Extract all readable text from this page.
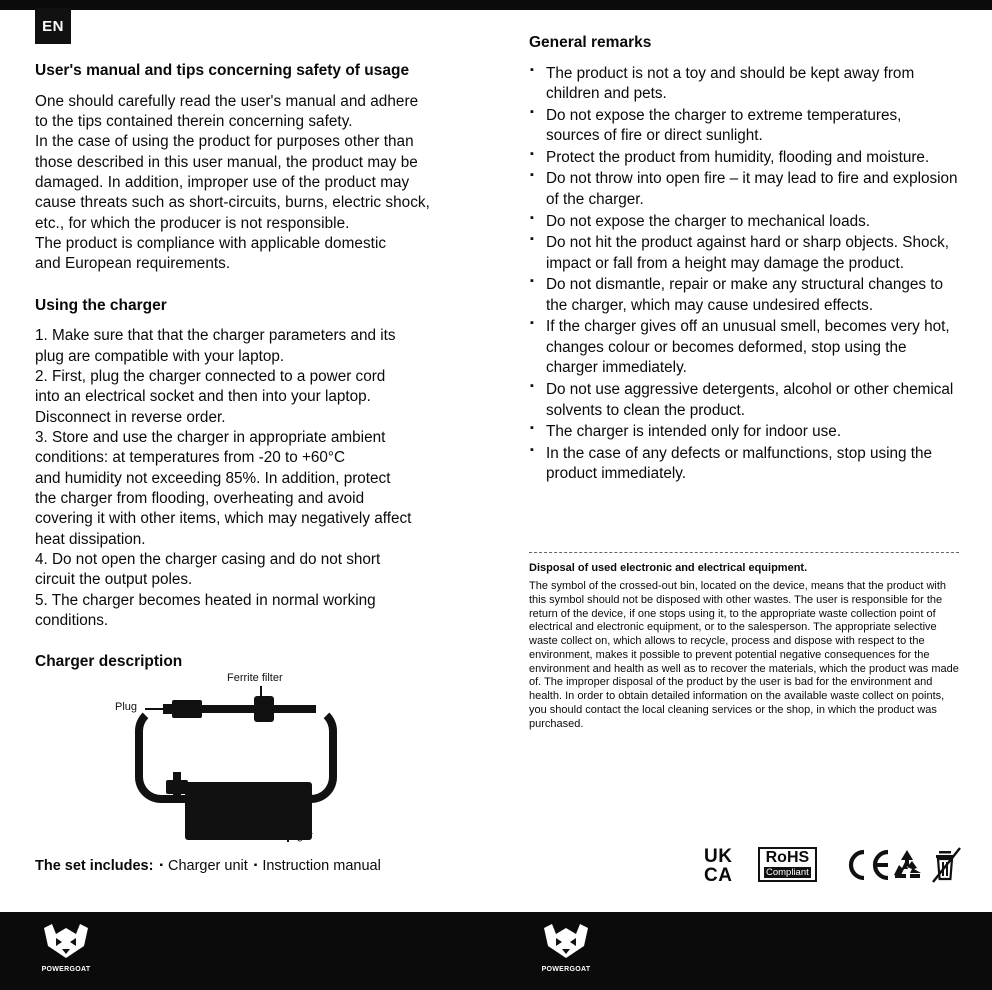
EN
User's manual and tips concerning safety of usage

One should carefully read the user's manual and adhere

to the tips contained therein concerning safety.

In the case of using the product for purposes other than

those described in this user manual, the product may be

damaged. In addition, improper use of the product may

cause threats such as short-circuits, burns, electric shock,

etc., for which the producer is not responsible.

The product is compliance with applicable domestic

and European requirements.

Using the charger

1. Make sure that that the charger parameters and its

plug are compatible with your laptop.

2. First, plug the charger connected to a power cord

into an electrical socket and then into your laptop.

Disconnect in reverse order.

3. Store and use the charger in appropriate ambient

conditions: at temperatures from -20 to +60°C

and humidity not exceeding 85%. In addition, protect

the charger from flooding, overheating and avoid

covering it with other items, which may negatively affect

heat dissipation.

4. Do not open the charger casing and do not short

circuit the output poles.

5. The charger becomes heated in normal working

conditions.

Charger description
Ferrite filter
Plug
Charger
The set includes: ▪ Charger unit ▪ Instruction manual
General remarks
▪ The product is not a toy and should be kept away from children and pets.
▪ Do not expose the charger to extreme temperatures, sources of fire or direct sunlight.
▪ Protect the product from humidity, flooding and moisture.
▪ Do not throw into open fire – it may lead to fire and explosion of the charger.
▪ Do not expose the charger to mechanical loads.
▪ Do not hit the product against hard or sharp objects. Shock, impact or fall from a height may damage the product.
▪ Do not dismantle, repair or make any structural changes to the charger, which may cause undesired effects.
▪ If the charger gives off an unusual smell, becomes very hot, changes colour or becomes deformed, stop using the charger immediately.
▪ Do not use aggressive detergents, alcohol or other chemical solvents to clean the product.
▪ The charger is intended only for indoor use.
▪ In the case of any defects or malfunctions, stop using the product immediately.
Disposal of used electronic and electrical equipment.

The symbol of the crossed-out bin, located on the device, means that the product with this symbol should not be disposed with other wastes. The user is responsible for the return of the device, if one stops using it, to the appropriate waste collection point of electrical and electronic equipment, or to the salesperson. The appropriate selective waste collect on, which allows to recycle, process and dispose with respect to the environment, makes it possible to prevent potential negative consequences for the environment and health as well as to recover the materials, which the product was made of. The improper disposal of the product by the user is bad for the environment and health. In order to obtain detailed information on the available waste collect on points, you should contact the local cleaning services or the shop, in which the product was purchased.

UK
CA
RoHS
Compliant
POWERGOAT	POWERGOAT
